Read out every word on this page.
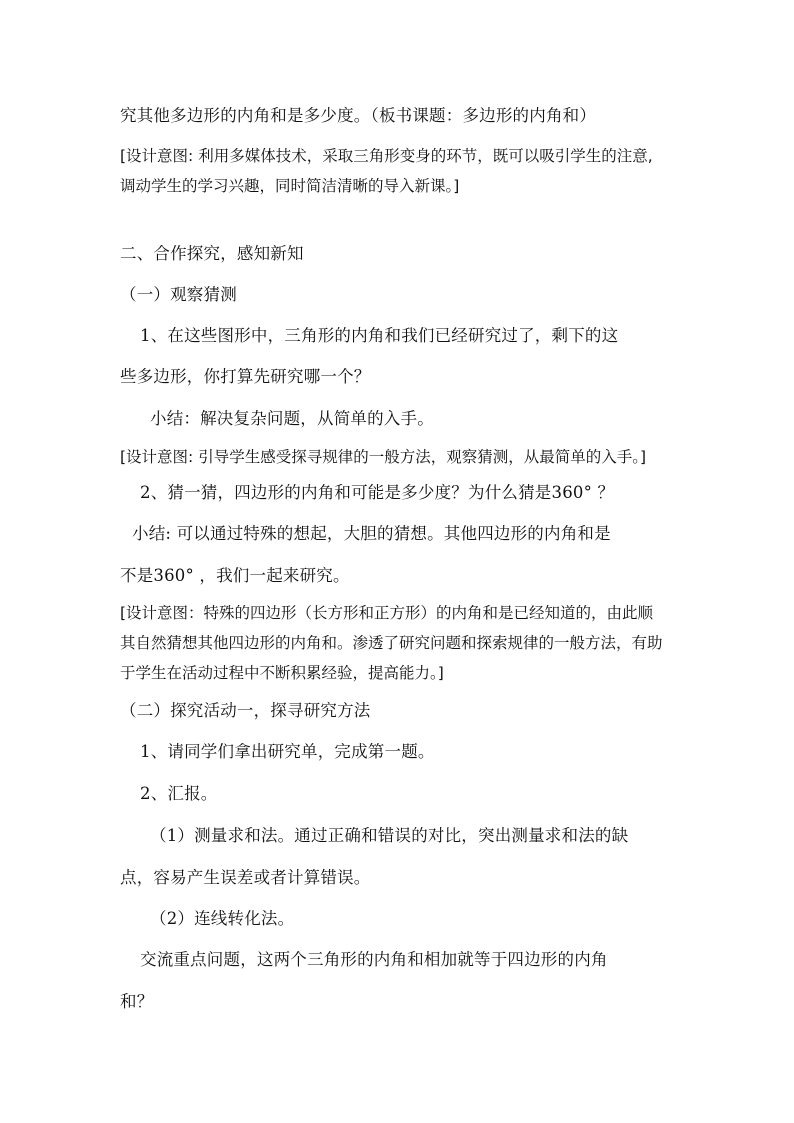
究其他多边形的内角和是多少度。（板书课题：多边形的内角和）
[设计意图: 利用多媒体技术，采取三角形变身的环节，既可以吸引学生的注意,
调动学生的学习兴趣，同时简洁清晰的导入新课。]
二、合作探究，感知新知
（一）观察猜测
1、在这些图形中，三角形的内角和我们已经研究过了，剩下的这
些多边形，你打算先研究哪一个？
小结：解决复杂问题，从简单的入手。
[设计意图: 引导学生感受探寻规律的一般方法，观察猜测，从最简单的入手。]
2、猜一猜，四边形的内角和可能是多少度？为什么猜是360° ？
小结: 可以通过特殊的想起，大胆的猜想。其他四边形的内角和是
不是360° ，我们一起来研究。
[设计意图：特殊的四边形（长方形和正方形）的内角和是已经知道的，由此顺
其自然猜想其他四边形的内角和。渗透了研究问题和探索规律的一般方法，有助
于学生在活动过程中不断积累经验，提高能力。]
（二）探究活动一，探寻研究方法
1、请同学们拿出研究单，完成第一题。
2、汇报。
（1）测量求和法。通过正确和错误的对比，突出测量求和法的缺
点，容易产生误差或者计算错误。
（2）连线转化法。
交流重点问题，这两个三角形的内角和相加就等于四边形的内角
和？
